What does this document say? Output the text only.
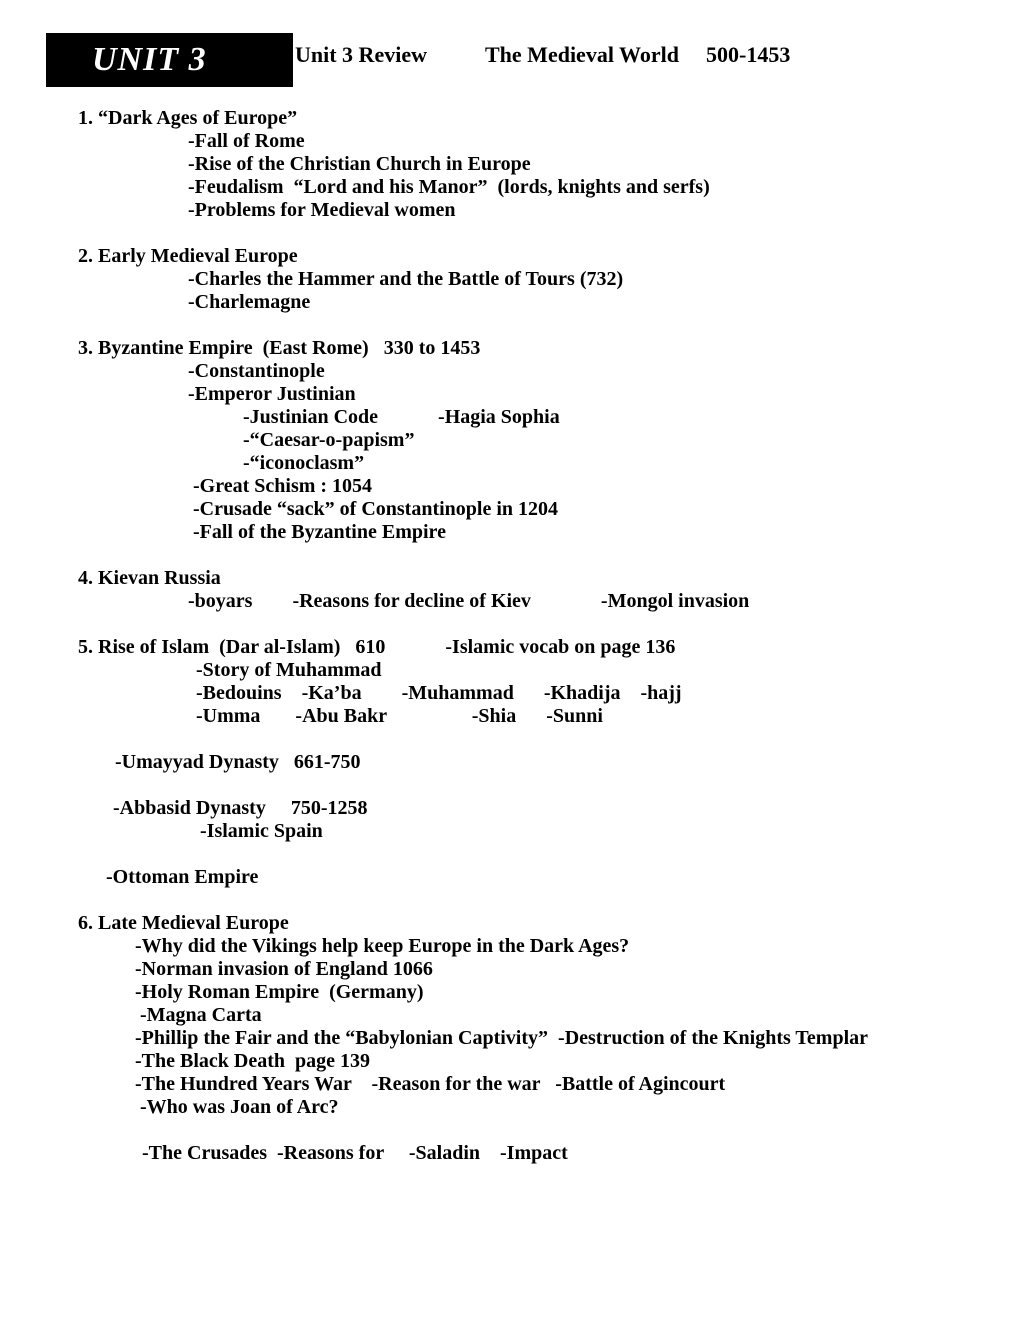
UNIT 3	Unit 3 Review	The Medieval World 500-1453
1. “Dark Ages of Europe”
-Fall of Rome
-Rise of the Christian Church in Europe
-Feudalism  “Lord and his Manor”  (lords, knights and serfs)
-Problems for Medieval women

2. Early Medieval Europe
-Charles the Hammer and the Battle of Tours (732)
-Charlemagne

3. Byzantine Empire  (East Rome)   330 to 1453
-Constantinople
-Emperor Justinian
-Justinian Code            -Hagia Sophia
-“Caesar-o-papism”
-“iconoclasm”
-Great Schism : 1054
-Crusade “sack” of Constantinople in 1204
-Fall of the Byzantine Empire

4. Kievan Russia
-boyars        -Reasons for decline of Kiev              -Mongol invasion

5. Rise of Islam  (Dar al-Islam)   610            -Islamic vocab on page 136
-Story of Muhammad
-Bedouins    -Ka’ba        -Muhammad      -Khadija    -hajj
-Umma       -Abu Bakr                 -Shia      -Sunni

-Umayyad Dynasty   661-750

-Abbasid Dynasty     750-1258
-Islamic Spain

-Ottoman Empire

6. Late Medieval Europe
-Why did the Vikings help keep Europe in the Dark Ages?
-Norman invasion of England 1066
-Holy Roman Empire  (Germany)
-Magna Carta
-Phillip the Fair and the “Babylonian Captivity”  -Destruction of the Knights Templar
-The Black Death  page 139
-The Hundred Years War    -Reason for the war   -Battle of Agincourt
-Who was Joan of Arc?

-The Crusades  -Reasons for     -Saladin    -Impact
